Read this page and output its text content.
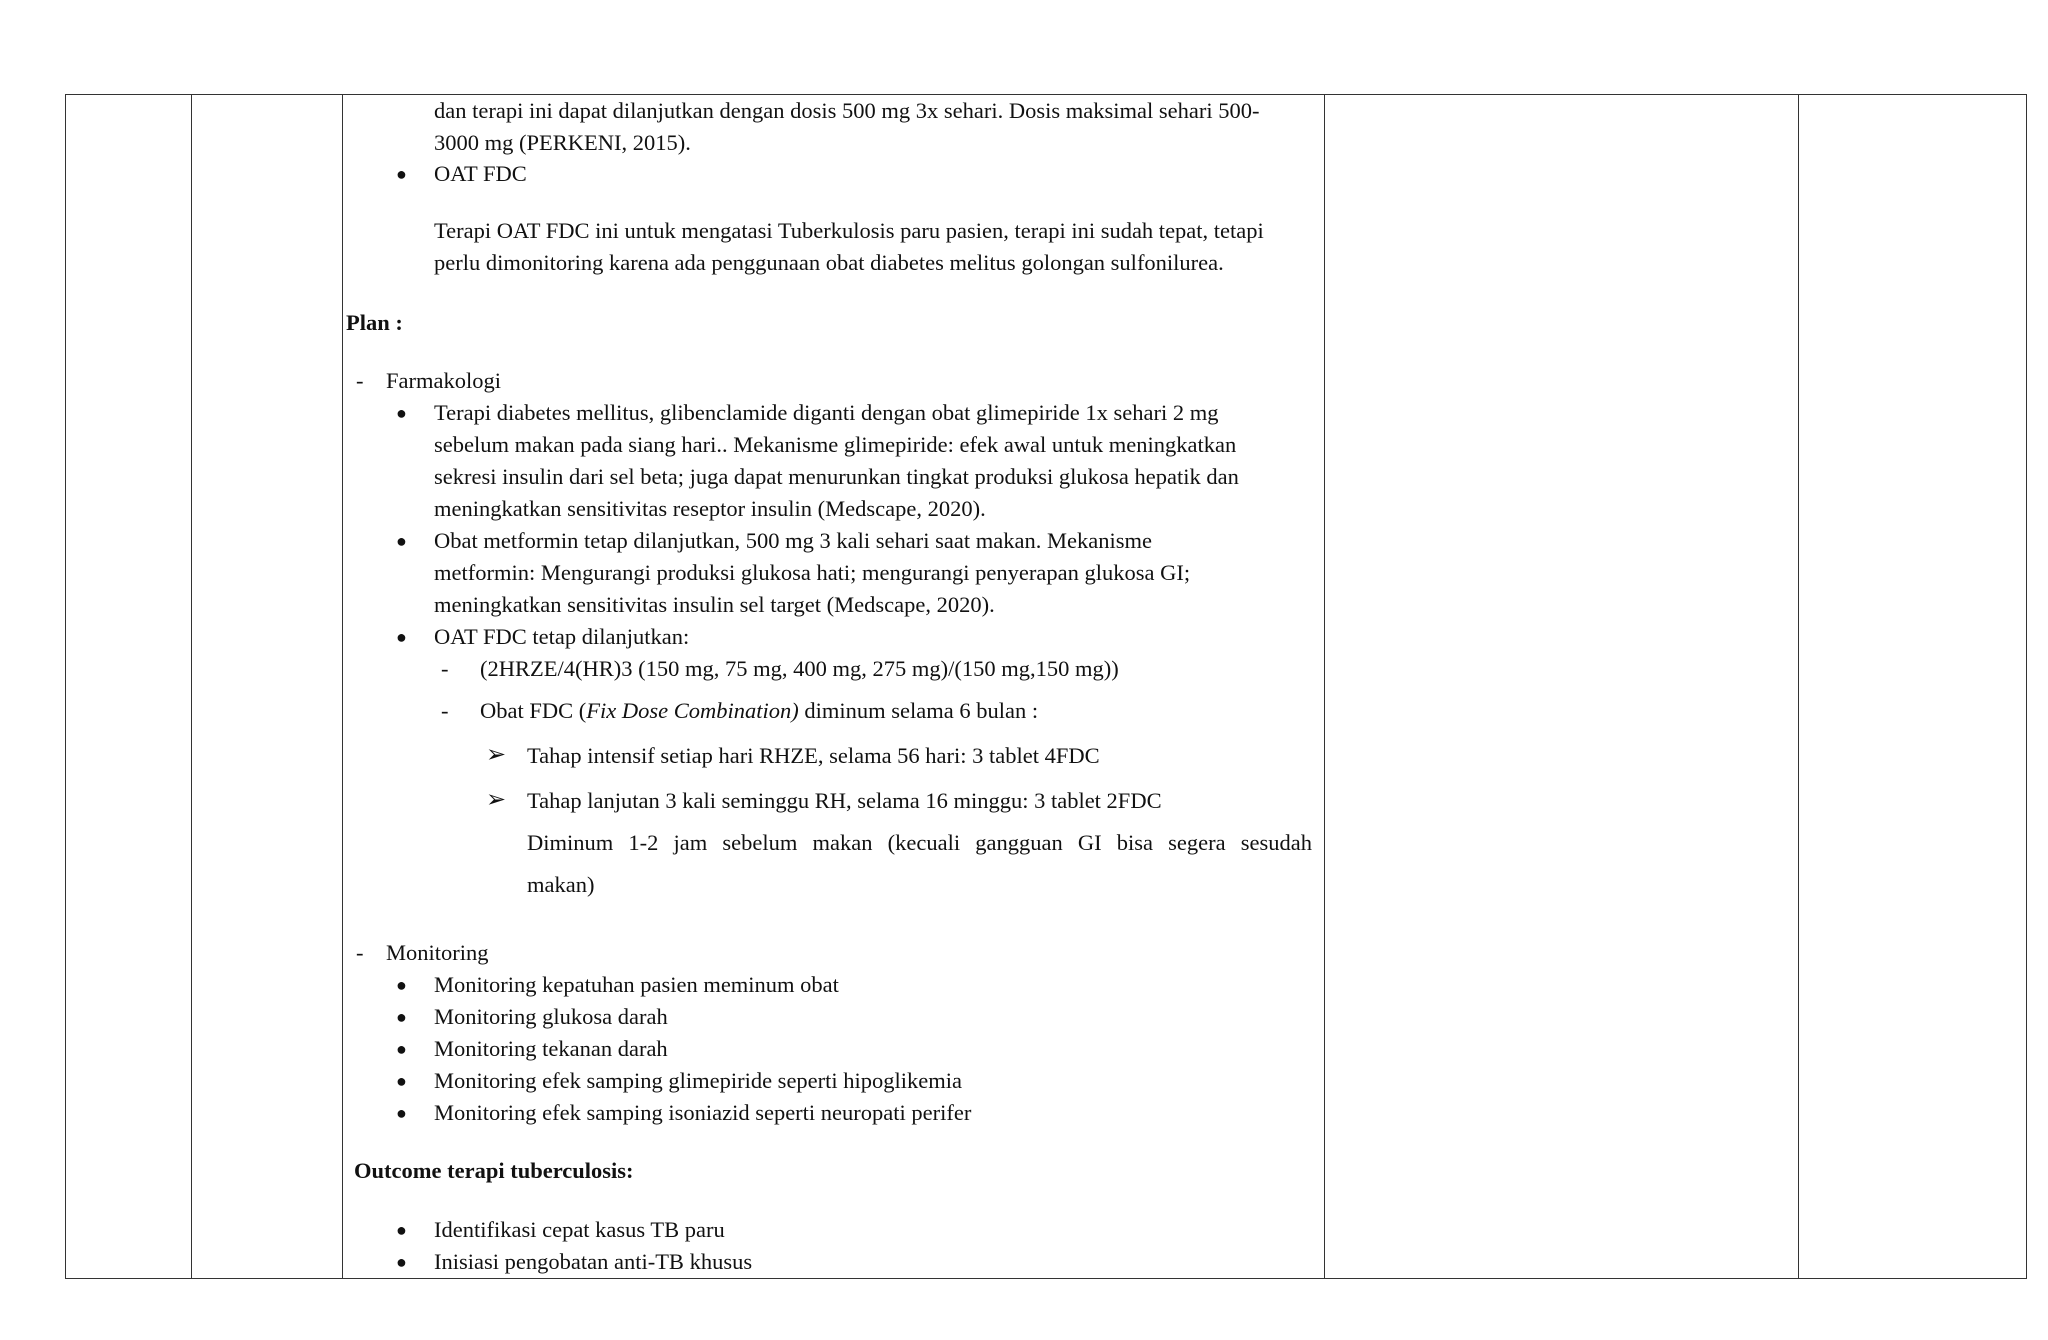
dan terapi ini dapat dilanjutkan dengan dosis 500 mg 3x sehari. Dosis maksimal sehari 500-
3000 mg (PERKENI, 2015).
● OAT FDC
Terapi OAT FDC ini untuk mengatasi Tuberkulosis paru pasien, terapi ini sudah tepat, tetapi
perlu dimonitoring karena ada penggunaan obat diabetes melitus golongan sulfonilurea.
Plan :
- Farmakologi
● Terapi diabetes mellitus, glibenclamide diganti dengan obat glimepiride 1x sehari 2 mg
sebelum makan pada siang hari.. Mekanisme glimepiride: efek awal untuk meningkatkan
sekresi insulin dari sel beta; juga dapat menurunkan tingkat produksi glukosa hepatik dan
meningkatkan sensitivitas reseptor insulin (Medscape, 2020).
● Obat metformin tetap dilanjutkan, 500 mg 3 kali sehari saat makan. Mekanisme
metformin: Mengurangi produksi glukosa hati; mengurangi penyerapan glukosa GI;
meningkatkan sensitivitas insulin sel target (Medscape, 2020).
● OAT FDC tetap dilanjutkan:
- (2HRZE/4(HR)3 (150 mg, 75 mg, 400 mg, 275 mg)/(150 mg,150 mg))
- Obat FDC (Fix Dose Combination) diminum selama 6 bulan :
➢ Tahap intensif setiap hari RHZE, selama 56 hari: 3 tablet 4FDC
➢ Tahap lanjutan 3 kali seminggu RH, selama 16 minggu: 3 tablet 2FDC
Diminum 1-2 jam sebelum makan (kecuali gangguan GI bisa segera sesudah
makan)
- Monitoring
● Monitoring kepatuhan pasien meminum obat
● Monitoring glukosa darah
● Monitoring tekanan darah
● Monitoring efek samping glimepiride seperti hipoglikemia
● Monitoring efek samping isoniazid seperti neuropati perifer
Outcome terapi tuberculosis:
● Identifikasi cepat kasus TB paru
● Inisiasi pengobatan anti-TB khusus
